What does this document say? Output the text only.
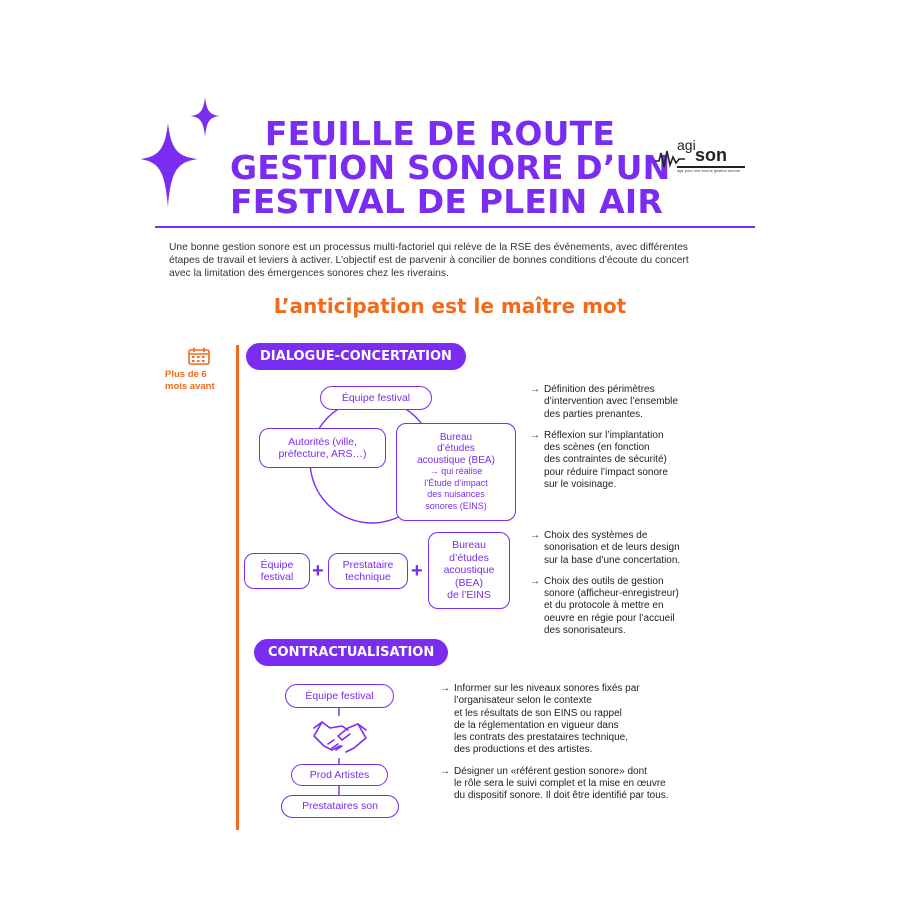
FEUILLE DE ROUTE
GESTION SONORE D’UN
FESTIVAL DE PLEIN AIR
agi son
agir pour une bonne gestion sonore
Une bonne gestion sonore est un processus multi-factoriel qui relève de la RSE des événements, avec différentes étapes de travail et leviers à activer. L’objectif est de parvenir à concilier de bonnes conditions d’écoute du concert avec la limitation des émergences sonores chez les riverains.
L’anticipation est le maître mot
Plus de 6
mois avant
DIALOGUE-CONCERTATION
Équipe festival
Autorités (ville,
préfecture, ARS…)
Bureau
d’études
acoustique (BEA)
→ qui réalise
l’Étude d’impact
des nuisances
sonores (EINS)
Équipe
festival + Prestataire
technique +
Bureau
d’études
acoustique
(BEA)
de l’EINS
→ Définition des périmètres
d’intervention avec l’ensemble
des parties prenantes.
→ Réflexion sur l’implantation
des scènes (en fonction
des contraintes de sécurité)
pour réduire l’impact sonore
sur le voisinage.
→ Choix des systèmes de
sonorisation et de leurs design
sur la base d’une concertation.
→ Choix des outils de gestion
sonore (afficheur-enregistreur)
et du protocole à mettre en
oeuvre en régie pour l’accueil
des sonorisateurs.
CONTRACTUALISATION
Équipe festival
Prod Artistes
Prestataires son
→ Informer sur les niveaux sonores fixés par
l’organisateur selon le contexte
et les résultats de son EINS ou rappel
de la réglementation en vigueur dans
les contrats des prestataires technique,
des productions et des artistes.
→ Désigner un «référent gestion sonore» dont
le rôle sera le suivi complet et la mise en œuvre
du dispositif sonore. Il doit être identifié par tous.
